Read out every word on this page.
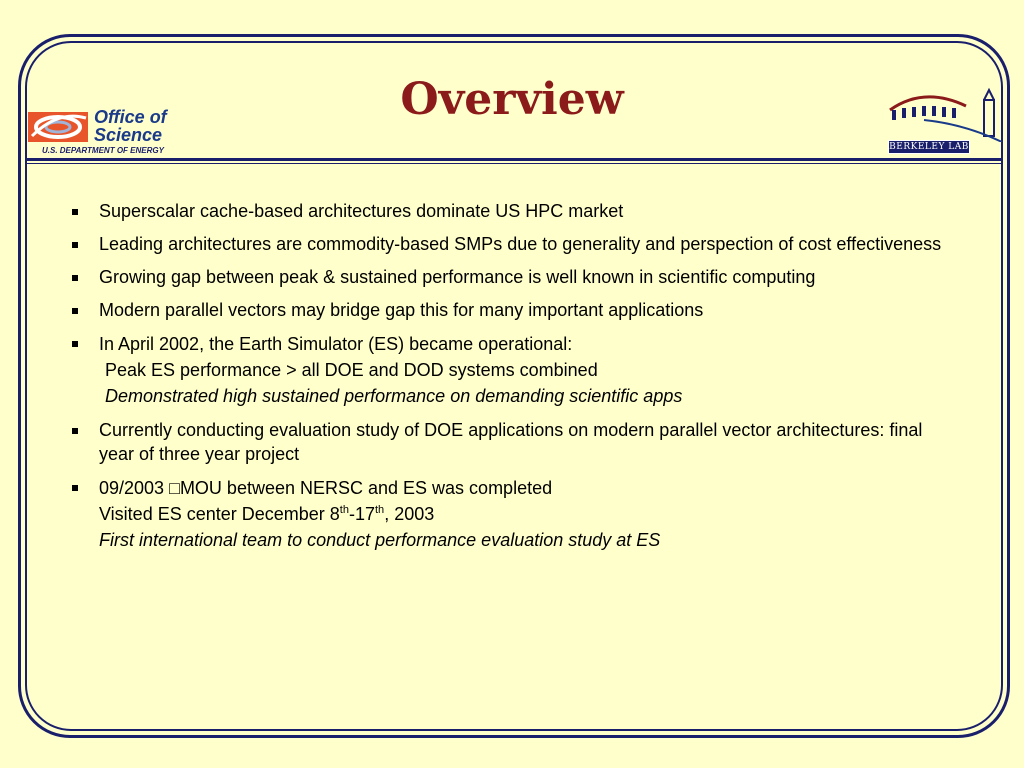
Overview
Office of
Science
U.S. DEPARTMENT OF ENERGY	BERKELEY LAB
Superscalar cache-based architectures dominate US HPC market
Leading architectures are commodity-based SMPs due to generality and perspection of cost effectiveness
Growing gap between peak & sustained performance is well known in scientific computing
Modern parallel vectors may bridge gap this for many important applications
In April 2002, the Earth Simulator (ES) became operational:
Peak ES performance > all DOE and DOD systems combined
Demonstrated high sustained performance on demanding scientific apps
Currently conducting evaluation study of DOE applications on modern parallel vector architectures: final year of three year project
09/2003 □MOU between NERSC and ES was completed
Visited ES center December 8th-17th, 2003
First international team to conduct performance evaluation study at ES
